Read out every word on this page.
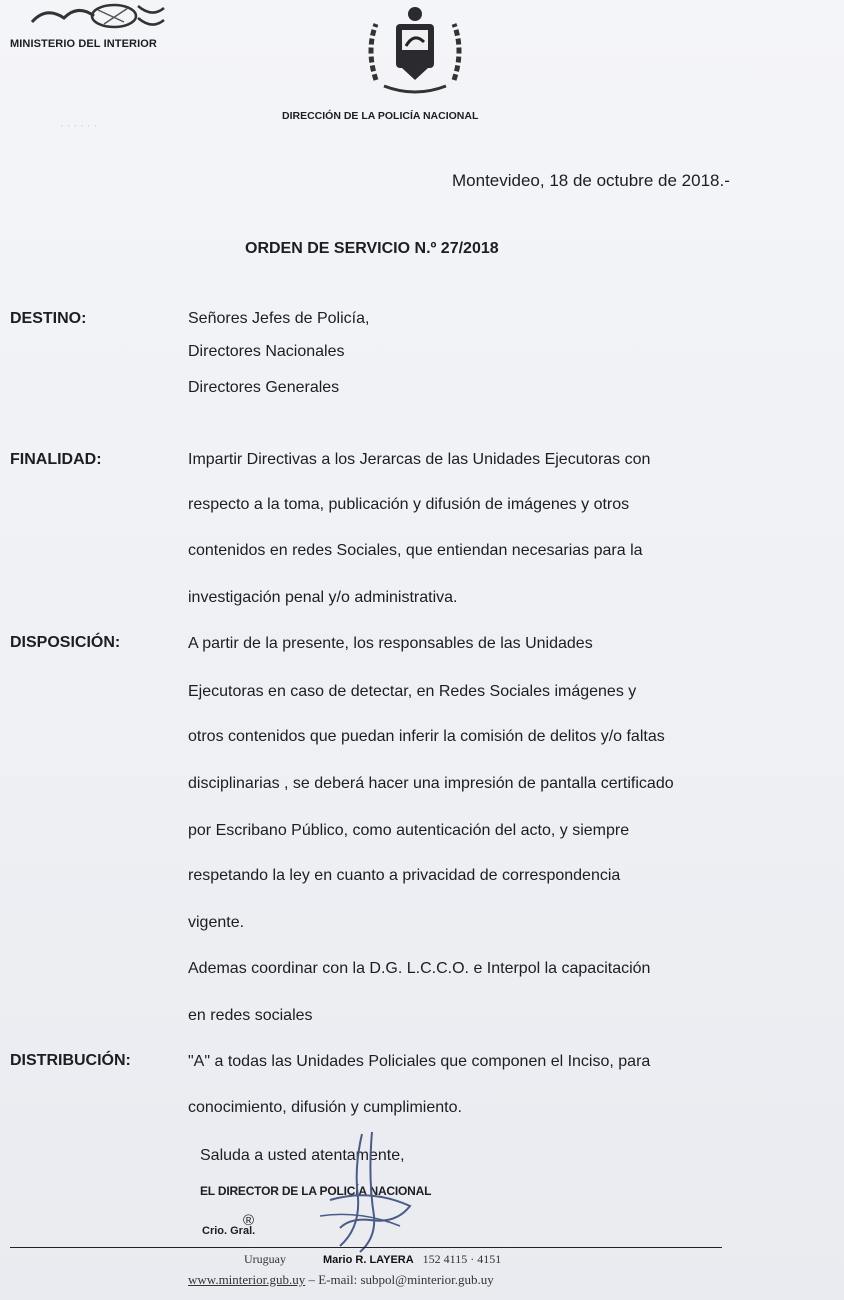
MINISTERIO DEL INTERIOR
DIRECCIÓN DE LA POLICÍA NACIONAL
· · · · · ·
Montevideo, 18 de octubre de 2018.-
ORDEN DE SERVICIO N.º 27/2018
DESTINO:	Señores Jefes de Policía,
Directores Nacionales
Directores Generales
FINALIDAD:	Impartir Directivas a los Jerarcas de las Unidades Ejecutoras con
respecto a la toma, publicación y difusión de imágenes y otros
contenidos en redes Sociales, que entiendan necesarias para la
investigación penal y/o administrativa.
DISPOSICIÓN:	A partir de la presente, los responsables de las Unidades
Ejecutoras en caso de detectar, en Redes Sociales imágenes y
otros contenidos que puedan inferir la comisión de delitos y/o faltas
disciplinarias , se deberá hacer una impresión de pantalla certificado
por Escribano Público, como autenticación del acto, y siempre
respetando la ley en cuanto a privacidad de correspondencia
vigente.
Ademas coordinar con la D.G. L.C.C.O. e Interpol la capacitación
en redes sociales
DISTRIBUCIÓN:	"A" a todas las Unidades Policiales que componen el Inciso, para
conocimiento, difusión y cumplimiento.
Saluda a usted atentamente,
EL DIRECTOR DE LA POLICÍA NACIONAL
Crio. Gral.
®
Uruguay	Mario R. LAYERA 152 4115 · 4151
www.minterior.gub.uy – E-mail: subpol@minterior.gub.uy
